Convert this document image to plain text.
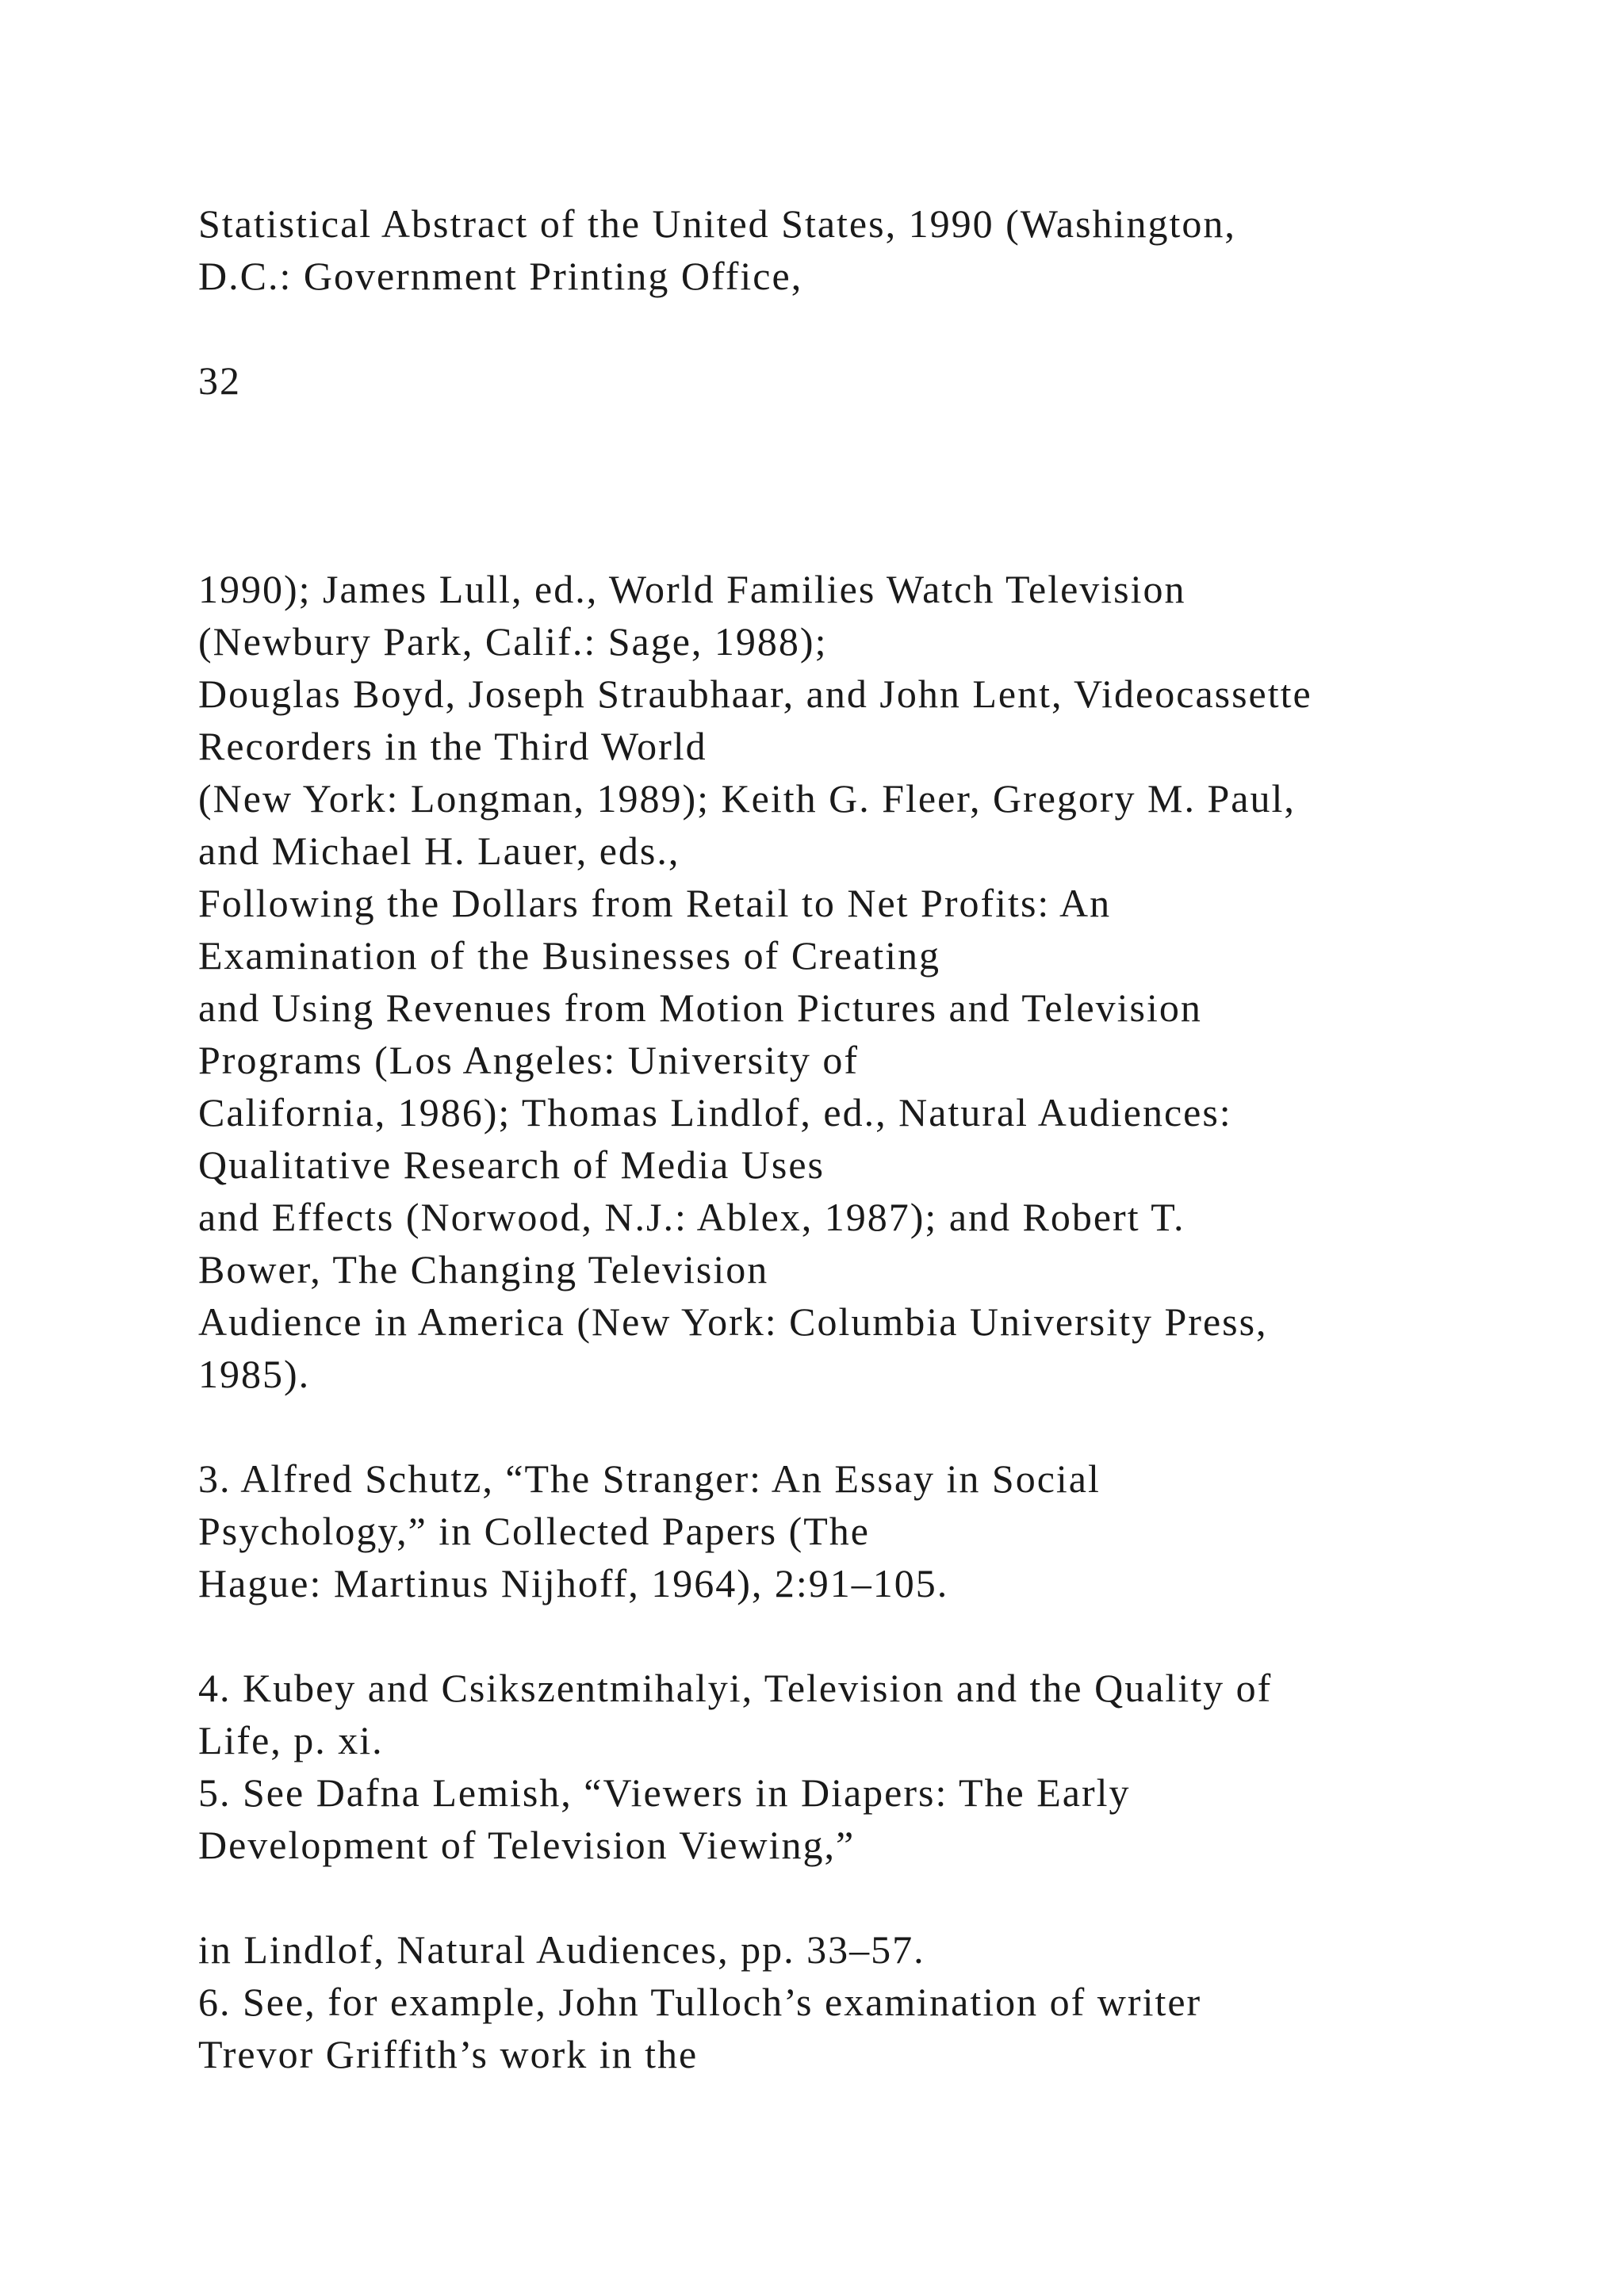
Statistical Abstract of the United States, 1990 (Washington,

D.C.: Government Printing Office,

32

1990); James Lull, ed., World Families Watch Television

(Newbury Park, Calif.: Sage, 1988);

Douglas Boyd, Joseph Straubhaar, and John Lent, Videocassette

Recorders in the Third World

(New York: Longman, 1989); Keith G. Fleer, Gregory M. Paul,

and Michael H. Lauer, eds.,

Following the Dollars from Retail to Net Profits: An

Examination of the Businesses of Creating

and Using Revenues from Motion Pictures and Television

Programs (Los Angeles: University of

California, 1986); Thomas Lindlof, ed., Natural Audiences:

Qualitative Research of Media Uses

and Effects (Norwood, N.J.: Ablex, 1987); and Robert T.

Bower, The Changing Television

Audience in America (New York: Columbia University Press,

1985).

3. Alfred Schutz, “The Stranger: An Essay in Social

Psychology,” in Collected Papers (The

Hague: Martinus Nijhoff, 1964), 2:91–105.

4. Kubey and Csikszentmihalyi, Television and the Quality of

Life, p. xi.

5. See Dafna Lemish, “Viewers in Diapers: The Early

Development of Television Viewing,”

in Lindlof, Natural Audiences, pp. 33–57.

6. See, for example, John Tulloch’s examination of writer

Trevor Griffith’s work in the
